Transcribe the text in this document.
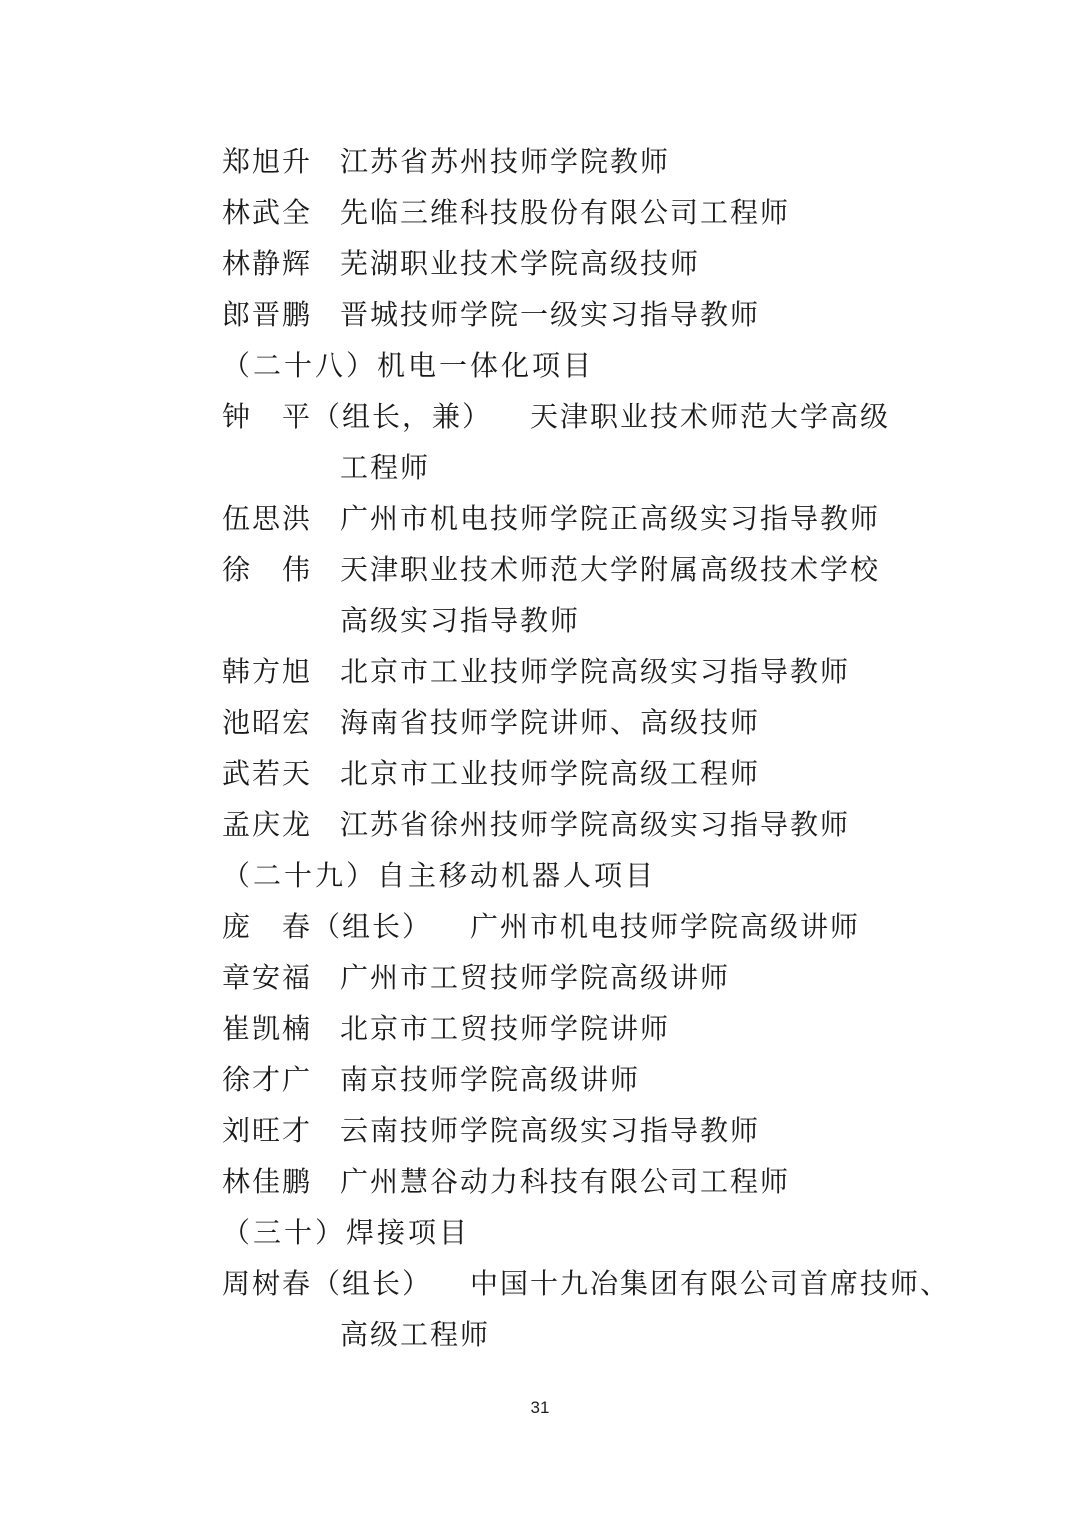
郑旭升 江苏省苏州技师学院教师
林武全 先临三维科技股份有限公司工程师
林静辉 芜湖职业技术学院高级技师
郎晋鹏 晋城技师学院一级实习指导教师
（二十八）机电一体化项目
钟　平（组长，兼） 天津职业技术师范大学高级
工程师
伍思洪 广州市机电技师学院正高级实习指导教师
徐　伟 天津职业技术师范大学附属高级技术学校
高级实习指导教师
韩方旭 北京市工业技师学院高级实习指导教师
池昭宏 海南省技师学院讲师、高级技师
武若天 北京市工业技师学院高级工程师
孟庆龙 江苏省徐州技师学院高级实习指导教师
（二十九）自主移动机器人项目
庞　春（组长） 广州市机电技师学院高级讲师
章安福 广州市工贸技师学院高级讲师
崔凯楠 北京市工贸技师学院讲师
徐才广 南京技师学院高级讲师
刘旺才 云南技师学院高级实习指导教师
林佳鹏 广州慧谷动力科技有限公司工程师
（三十）焊接项目
周树春（组长） 中国十九冶集团有限公司首席技师、
高级工程师
31
